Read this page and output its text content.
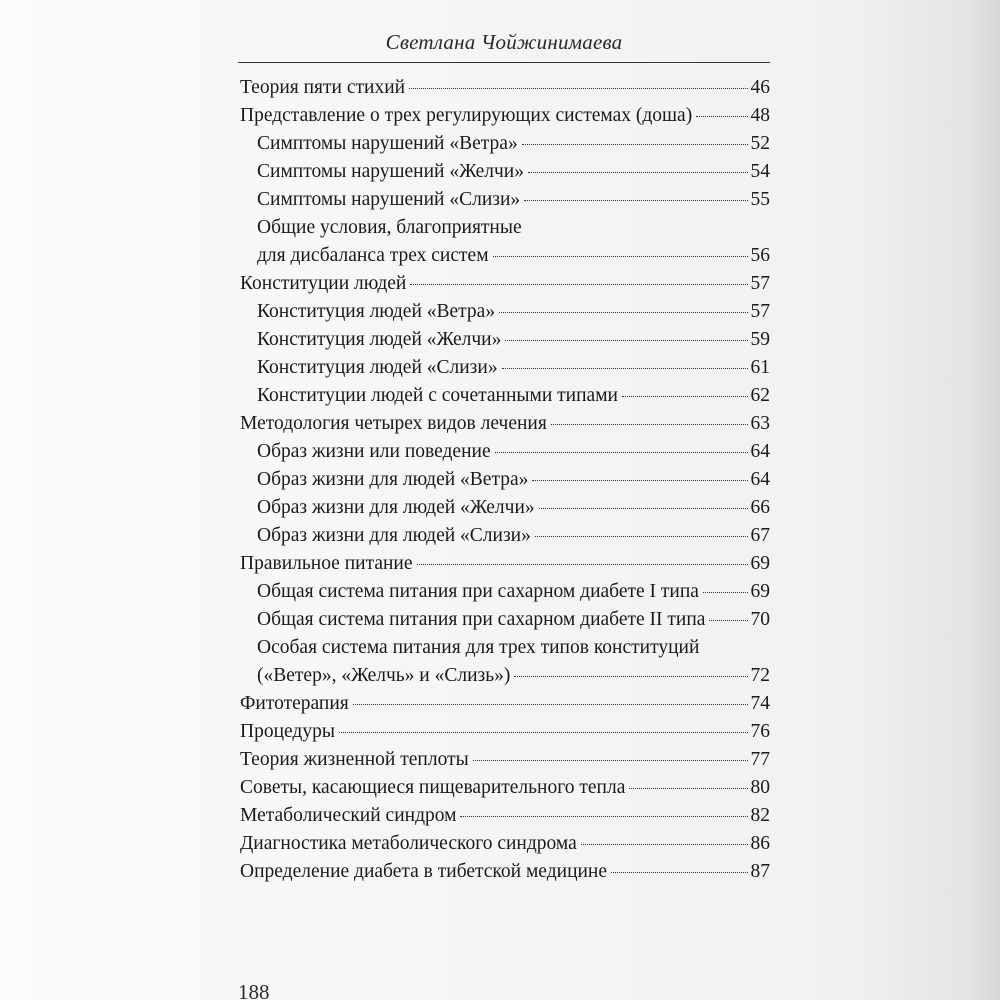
Светлана Чойжинимаева
Теория пяти стихий	46
Представление о трех регулирующих системах (доша)	48
Симптомы нарушений «Ветра»	52
Симптомы нарушений «Желчи»	54
Симптомы нарушений «Слизи»	55
Общие условия, благоприятные
для дисбаланса трех систем	56
Конституции людей	57
Конституция людей «Ветра»	57
Конституция людей «Желчи»	59
Конституция людей «Слизи»	61
Конституции людей с сочетанными типами	62
Методология четырех видов лечения	63
Образ жизни или поведение	64
Образ жизни для людей «Ветра»	64
Образ жизни для людей «Желчи»	66
Образ жизни для людей «Слизи»	67
Правильное питание	69
Общая система питания при сахарном диабете I типа	69
Общая система питания при сахарном диабете II типа 70
Особая система питания для трех типов конституций
(«Ветер», «Желчь» и «Слизь»)	72
Фитотерапия	74
Процедуры	76
Теория жизненной теплоты	77
Советы, касающиеся пищеварительного тепла	80
Метаболический синдром	82
Диагностика метаболического синдрома	86
Определение диабета в тибетской медицине	87
188
